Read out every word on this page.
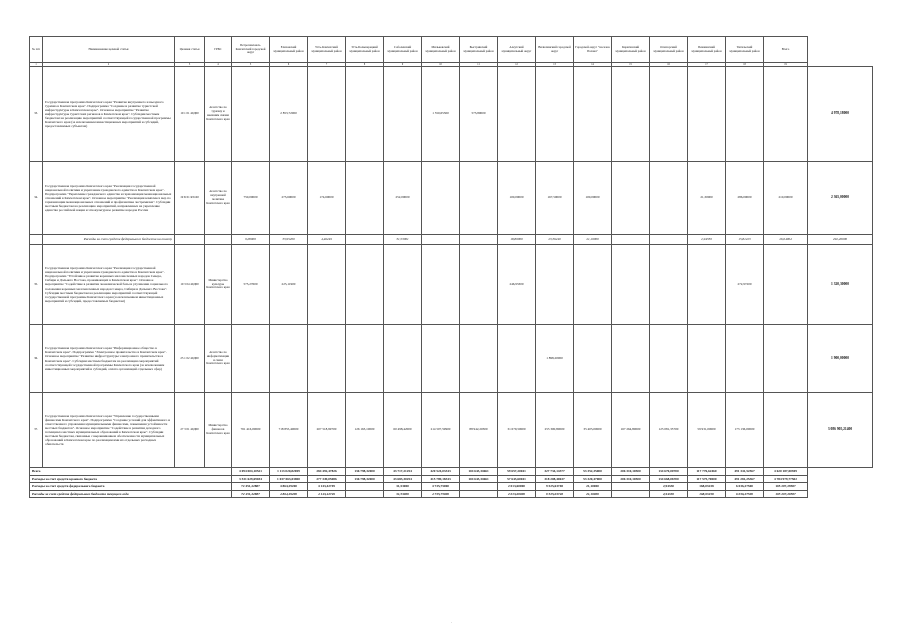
№ п/п	Наименование целевой статьи	Целевая статья	ГРБС	Петропавловск-Камчатский городской округ	Елизовский муниципальный район	Усть-Камчатский муниципальный район	Усть-Большерецкий муниципальный район	Соболевский муниципальный район	Мильковский муниципальный район	Быстринский муниципальный район	Алеутский муниципальный округ	Вилючинский городской округ	Городской округ "поселок Палана"	Карагинский муниципальный район	Олюторский муниципальный район	Пенжинский муниципальный район	Тигильский муниципальный район	Всего	
1	2	3	4	5	6	7	8	9	10	11	12	13	14	15	16	17	18	19	
33.	Государственная программа Камчатского края "Развитие внутреннего и въездного туризма в Камчатском крае". Подпрограмма "Создание и развитие туристской инфраструктуры в Камчатском крае". Основное мероприятие "Развитие инфраструктуры туристских регионов в Камчатском крае". Субсидии местным бюджетам на реализацию мероприятий соответствующей государственной программы Камчатского края (за исключением инвестиционных мероприятий и субсидий, предоставляемых субъектам)	19 1 01 40Д00	Агентство по туризму и внешним связям Камчатского края		2 853,72000				1 550,65300	573,80000									4 978,18000
34.	Государственная программа Камчатского края "Реализация государственной национальной политики и укрепление гражданского единства в Камчатском крае". Подпрограмма "Укрепление гражданского единства и гармонизация межнациональных отношений в Камчатском крае". Основное мероприятие "Реализация комплекса мер по гармонизации межнациональных отношений и профилактике экстремизма". Субсидии местным бюджетам на реализацию мероприятий, направленных на укрепление единства российской нации и этнокультурное развитие народов России	19 Б 01 R5160	Агентство по внутренней политике Камчатского края	750,00000	273,60000	174,60000		252,00000			100,00000	167,50000	100,00000			21,30000	286,00000	210,00000	2 365,00000
	Расходы за счет средств федерального бюджета на оплату			9,00000	33,95200	4,46249		31,53001			18,80000	23,36240	21,10000			2,94330	15,81223	26,04904	292,26000
35.	Государственная программа Камчатского края "Реализация государственной национальной политики и укрепление гражданского единства в Камчатском крае". Подпрограмма "Устойчивое развитие коренных малочисленных народов Севера, Сибири и Дальнего Востока, проживающих в Камчатском крае". Основное мероприятие "Содействие в развитии экономической базы и улучшения социального положения коренных малочисленных народов Севера, Сибири и Дальнего Востока". Субсидии местным бюджетам на реализацию мероприятий соответствующей государственной программы Камчатского края (за исключением инвестиционных мероприятий и субсидий, предоставляемых бюджетам)	19 3 04 40Д00	Министерство культуры Камчатского края	575,27600	225,11900						246,93300						272,97200		1 320,30000
36.	Государственная программа Камчатского края "Информационное общество в Камчатском крае". Подпрограмма "Электронное правительство в Камчатском крае". Основное мероприятие "Развитие инфраструктуры электронного правительства в Камчатском крае". Субсидии местным бюджетам на реализацию мероприятий соответствующей государственной программы Камчатского края (за исключением инвестиционных мероприятий и субсидий, оплата организаций отдельных сфер)	25 1 02 40Д00	Агентство по информатизации и связи Камчатского края									1 898,20000							1 900,00000
37.	Государственная программа Камчатского края "Управление государственными финансами Камчатского края". Подпрограмма "Создание условий для эффективного и ответственного управления муниципальными финансами, повышения устойчивости местных бюджетов". Основное мероприятие "Содействие в развитии доходного потенциала местных муниципальных образований в Камчатском крае". Субсидии местным бюджетам, связанные с выравниванием обеспеченности муниципальных образований в Камчатском крае по реализации ими их отдельных расходных обязательств	27 3 01 40Д00	Министерство финансов Камчатского края	761 416,00000	718 855,40000	207 518,99700	126 163,10000	60 498,42000	214 507,59900	88 942,20300	31 679,50000	255 300,80000	35 405,00000	167 264,80000	125 081,35700	59 931,00000	173 136,00000		3 086 905,21400
Всего				4 094 004,10521	1 113 020,82699	284 492,47826	136 798,32000	43 717,21254	420 524,03343	104 643,34661	59 657,20041	327 734,14377	53 352,35000	206 310,10500	134 670,00700	117 776,62460	491 341,52567	4 620 187,00949	
Расходы за счет средств краевого бюджета				3 531 629,69034	1 037 063,03690	277 349,05086	136 798,32000	43 683,30254	415 789,18343	104 643,34661	57 643,60041	318 208,40637	53 320,47000	206 310,10500	134 668,06700	117 575,70000	491 281,25367	4 784 979,77502	
Расходы за счет средств федерального бюджета				72 451,22887	4 864,29200	4 143,42749		31,53000	4 735,75000		2 013,60000	9 525,63748	21,10000		2,94330	168,03238	6 036,27500	105 207,29587	
Расходы за счет средств федерального бюджета текущего года				72 451,22887	4 864,29200	4 143,42749		31,53000	4 735,75000		2 013,60000	9 525,63748	21,10000		2,94330	168,03238	6 036,27500	105 207,29587	
·
